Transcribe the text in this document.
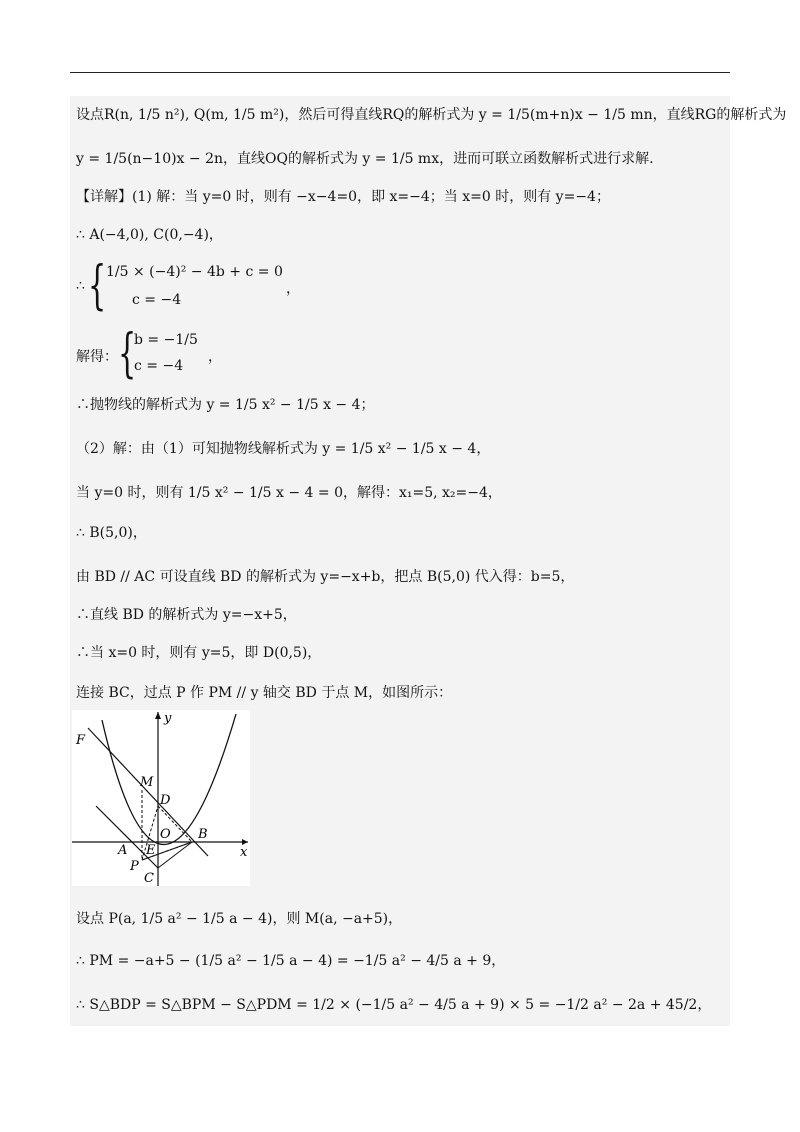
设点R(n, 1/5 n²), Q(m, 1/5 m²)，然后可得直线RQ的解析式为 y = 1/5(m+n)x − 1/5 mn，直线RG的解析式为
y = 1/5(n−10)x − 2n，直线OQ的解析式为 y = 1/5 mx，进而可联立函数解析式进行求解.
【详解】(1) 解：当 y=0 时，则有 −x−4=0，即 x=−4；当 x=0 时，则有 y=−4；
∴ A(−4,0), C(0,−4)，
∴ { 1/5 × (−4)² − 4b + c = 0
c = −4
，
解得： {
b = −1/5
c = −4
，
∴抛物线的解析式为 y = 1/5 x² − 1/5 x − 4；
（2）解：由（1）可知抛物线解析式为 y = 1/5 x² − 1/5 x − 4，
当 y=0 时，则有 1/5 x² − 1/5 x − 4 = 0，解得：x₁=5, x₂=−4，
∴ B(5,0)，
由 BD // AC 可设直线 BD 的解析式为 y=−x+b，把点 B(5,0) 代入得：b=5，
∴直线 BD 的解析式为 y=−x+5，
∴当 x=0 时，则有 y=5，即 D(0,5)，
连接 BC，过点 P 作 PM // y 轴交 BD 于点 M，如图所示：
y
x
F
M
D
O B
A E
P
C
设点 P(a, 1/5 a² − 1/5 a − 4)，则 M(a, −a+5)，
∴ PM = −a+5 − (1/5 a² − 1/5 a − 4) = −1/5 a² − 4/5 a + 9，
∴ S△BDP = S△BPM − S△PDM = 1/2 × (−1/5 a² − 4/5 a + 9) × 5 = −1/2 a² − 2a + 45/2，
